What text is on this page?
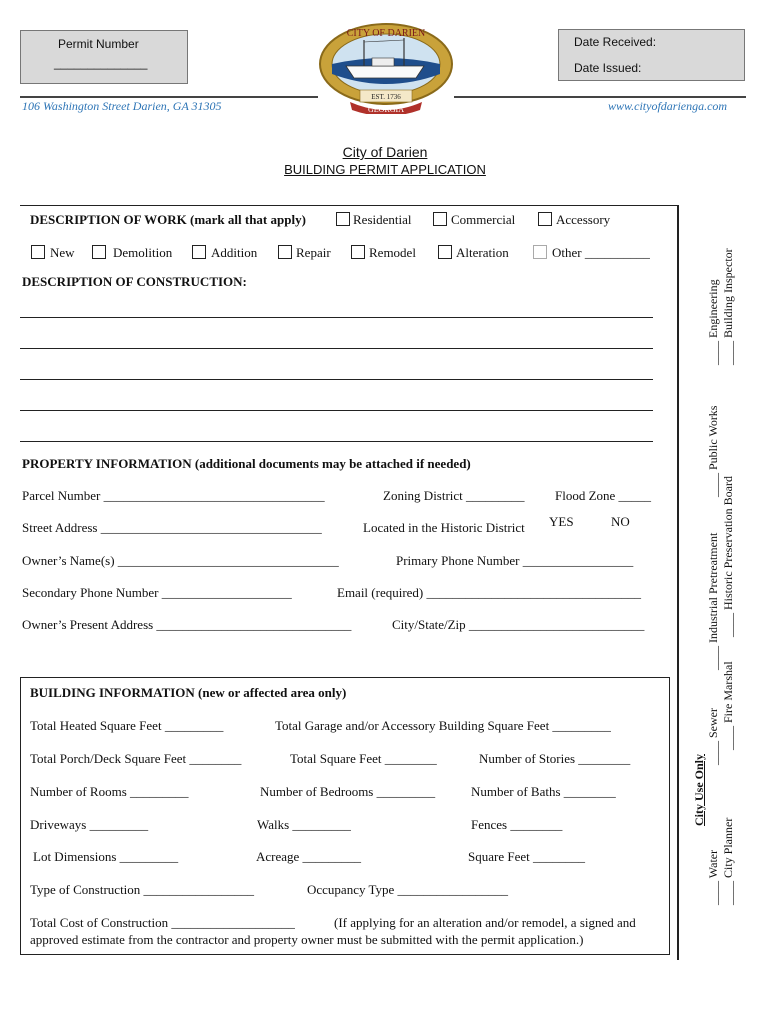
Permit Number
______________
Date Received:
Date Issued:
CITY OF DARIEN
EST. 1736
GEORGIA
106 Washington Street Darien, GA 31305	www.cityofdarienga.com
City of Darien
BUILDING PERMIT APPLICATION
DESCRIPTION OF WORK (mark all that apply)	Residential	Commercial	Accessory
New	Demolition	Addition	Repair	Remodel	Alteration	Other __________
DESCRIPTION OF CONSTRUCTION:
PROPERTY INFORMATION (additional documents may be attached if needed)
Parcel Number __________________________________	Zoning District _________ Flood Zone _____
Street Address __________________________________	Located in the Historic District YES	NO
Owner’s Name(s) __________________________________	Primary Phone Number _________________
Secondary Phone Number ____________________	Email (required) _________________________________
Owner’s Present Address ______________________________	City/State/Zip ___________________________
BUILDING INFORMATION (new or affected area only)
Total Heated Square Feet _________	Total Garage and/or Accessory Building Square Feet _________
Total Porch/Deck Square Feet ________	Total Square Feet ________	Number of Stories ________
Number of Rooms _________	Number of Bedrooms _________	Number of Baths ________
Driveways _________	Walks _________	Fences ________
Lot Dimensions _________	Acreage _________	Square Feet ________
Type of Construction _________________	Occupancy Type _________________
Total Cost of Construction ___________________	(If applying for an alteration and/or remodel, a signed and
approved estimate from the contractor and property owner must be submitted with the permit application.)
City Use Only
____ Water
____ Sewer
____ Industrial Pretreatment
____ Public Works
____ Engineering
____ City Planner
____ Fire Marshal
____ Historic Preservation Board
____ Building Inspector
